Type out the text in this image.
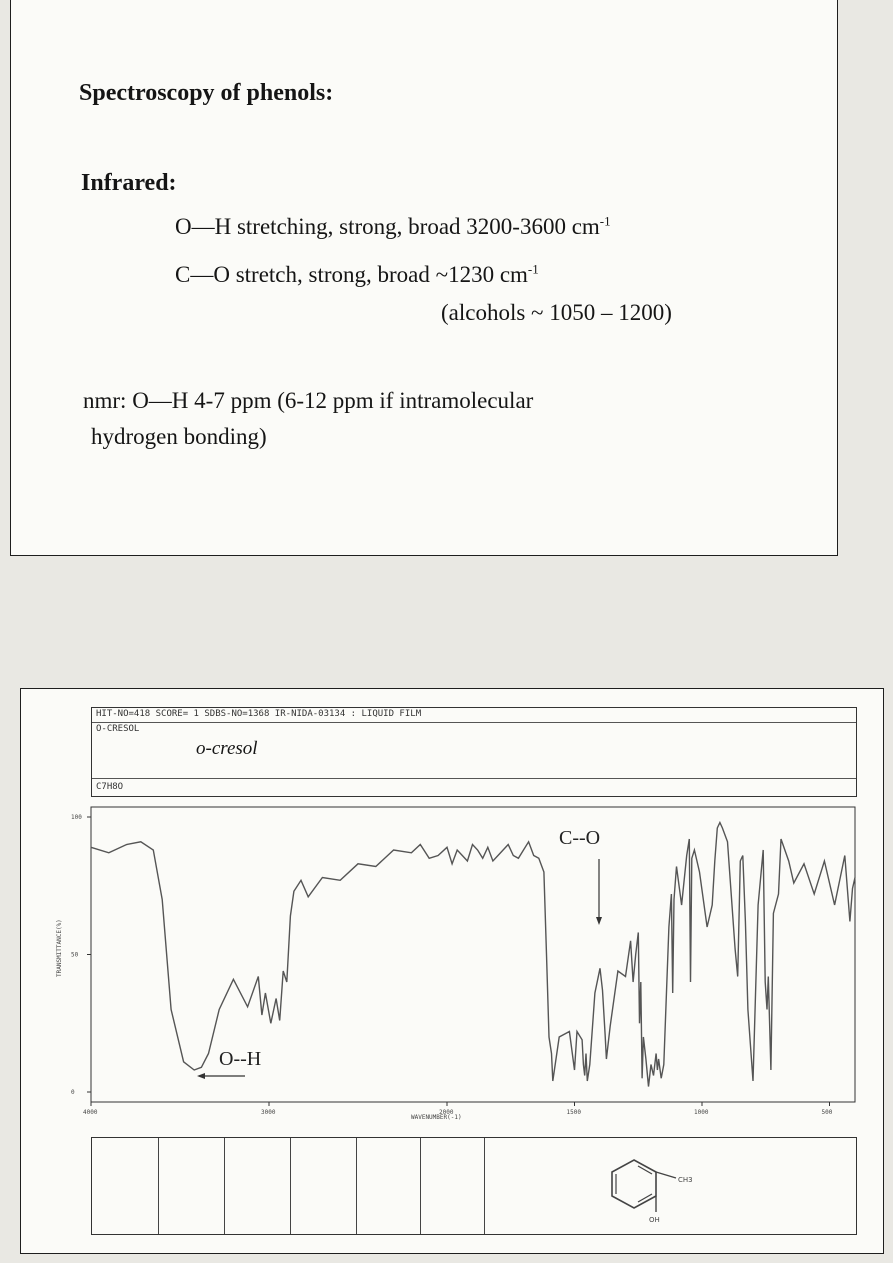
Spectroscopy of phenols:
Infrared:
O—H stretching, strong, broad 3200-3600 $cm^{-1}$
C—O stretch, strong, broad ~1230 $cm^{-1}$
(alcohols ~ 1050 – 1200)
nmr: O—H 4-7 ppm (6-12 ppm if intramolecular
hydrogen bonding)
HIT-NO=418 SCORE= 1 SDBS-NO=1368 IR-NIDA-03134 : LIQUID FILM
O-CRESOL
o-cresol
C7H8O
4000	3000	2000	1500	1000	500
100
50
0
O--H
C--O
TRANSMITTANCE(%)
WAVENUMBER(-1)
CH3
OH
